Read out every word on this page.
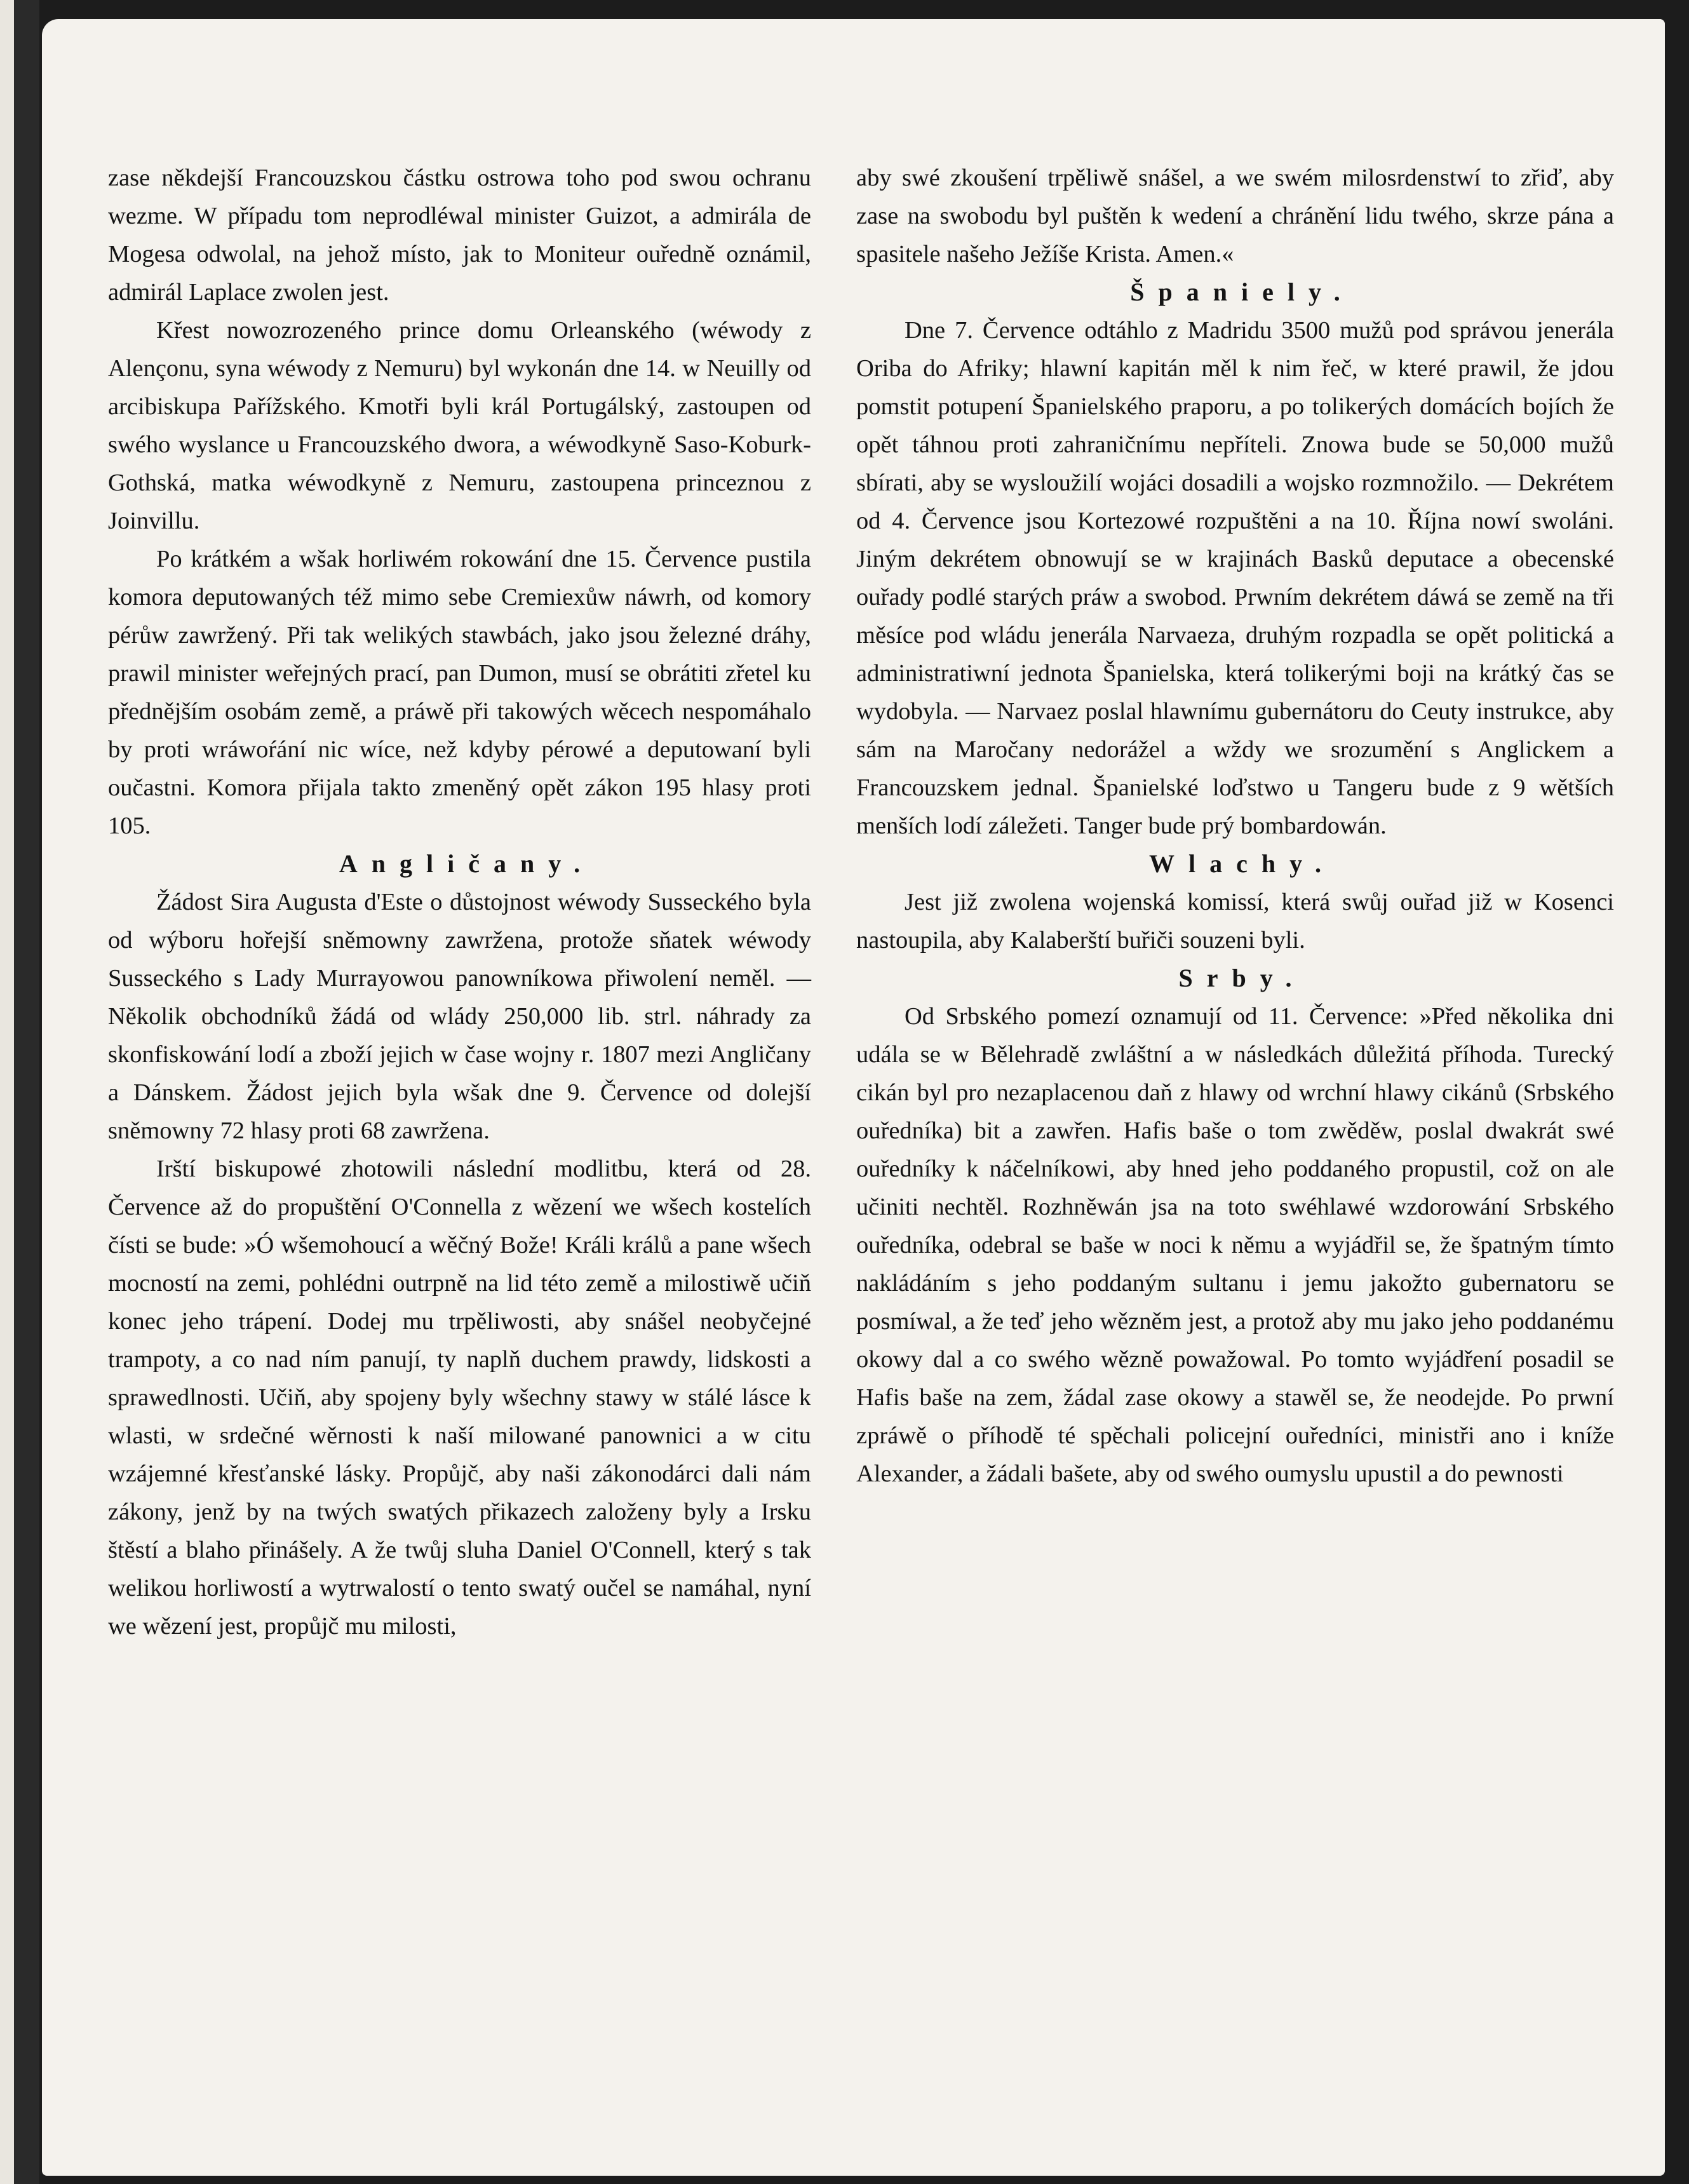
zase někdejší Francouzskou částku ostrowa toho pod swou ochranu wezme. W případu tom neprodléwal minister Guizot, a admirála de Mogesa odwolal, na jehož místo, jak to Moniteur ouředně oznámil, admirál Laplace zwolen jest.

Křest nowozrozeného prince domu Orleanského (wéwody z Alençonu, syna wéwody z Nemuru) byl wykonán dne 14. w Neuilly od arcibiskupa Pařížského. Kmotři byli král Portugálský, zastoupen od swého wyslance u Francouzského dwora, a wéwodkyně Saso-Koburk-Gothská, matka wéwodkyně z Nemuru, zastoupena princeznou z Joinvillu.

Po krátkém a wšak horliwém rokowání dne 15. Července pustila komora deputowaných též mimo sebe Cremiexůw náwrh, od komory pérůw zawržený. Při tak welikých stawbách, jako jsou železné dráhy, prawil minister weřejných prací, pan Dumon, musí se obrátiti zřetel ku přednějším osobám země, a práwě při takowých wěcech nespomáhalo by proti wráwoŕání nic wíce, než kdyby pérowé a deputowaní byli oučastni. Komora přijala takto zmeněný opět zákon 195 hlasy proti 105.

Angličany.

Žádost Sira Augusta d'Este o důstojnost wéwody Susseckého byla od wýboru hořejší sněmowny zawržena, protože sňatek wéwody Susseckého s Lady Murrayowou panowníkowa přiwolení neměl. — Několik obchodníků žádá od wlády 250,000 lib. strl. náhrady za skonfiskowání lodí a zboží jejich w čase wojny r. 1807 mezi Angličany a Dánskem. Žádost jejich byla wšak dne 9. Července od dolejší sněmowny 72 hlasy proti 68 zawržena.

Irští biskupowé zhotowili následní modlitbu, která od 28. Července až do propuštění O'Connella z wězení we wšech kostelích čísti se bude: »Ó wšemohoucí a wěčný Bože! Králi králů a pane wšech mocností na zemi, pohlédni outrpně na lid této země a milostiwě učiň konec jeho trápení. Dodej mu trpěliwosti, aby snášel neobyčejné trampoty, a co nad ním panují, ty naplň duchem prawdy, lidskosti a sprawedlnosti. Učiň, aby spojeny byly wšechny stawy w stálé lásce k wlasti, w srdečné wěrnosti k naší milowané panownici a w citu wzájemné křesťanské lásky. Propůjč, aby naši zákonodárci dali nám zákony, jenž by na twých swatých přikazech založeny byly a Irsku štěstí a blaho přinášely. A že twůj sluha Daniel O'Connell, který s tak welikou horliwostí a wytrwalostí o tento swatý oučel se namáhal, nyní we wězení jest, propůjč mu milosti,

aby swé zkoušení trpěliwě snášel, a we swém milosrdenstwí to zřiď, aby zase na swobodu byl puštěn k wedení a chránění lidu twého, skrze pána a spasitele našeho Ježíše Krista. Amen.«

Španiely.

Dne 7. Července odtáhlo z Madridu 3500 mužů pod správou jenerála Oriba do Afriky; hlawní kapitán měl k nim řeč, w které prawil, že jdou pomstit potupení Španielského praporu, a po tolikerých domácích bojích že opět táhnou proti zahraničnímu nepříteli. Znowa bude se 50,000 mužů sbírati, aby se wysloužilí wojáci dosadili a wojsko rozmnožilo. — Dekrétem od 4. Července jsou Kortezowé rozpuštěni a na 10. Října nowí swoláni. Jiným dekrétem obnowují se w krajinách Basků deputace a obecenské ouřady podlé starých práw a swobod. Prwním dekrétem dáwá se země na tři měsíce pod wládu jenerála Narvaeza, druhým rozpadla se opět politická a administratiwní jednota Španielska, která tolikerými boji na krátký čas se wydobyla. — Narvaez poslal hlawnímu gubernátoru do Ceuty instrukce, aby sám na Maročany nedorážel a wždy we srozumění s Anglickem a Francouzskem jednal. Španielské loďstwo u Tangeru bude z 9 wětších menších lodí záležeti. Tanger bude prý bombardowán.

Wlachy.

Jest již zwolena wojenská komissí, která swůj ouřad již w Kosenci nastoupila, aby Kalaberští buřiči souzeni byli.

Srby.

Od Srbského pomezí oznamují od 11. Července: »Před několika dni udála se w Bělehradě zwláštní a w následkách důležitá příhoda. Turecký cikán byl pro nezaplacenou daň z hlawy od wrchní hlawy cikánů (Srbského ouředníka) bit a zawřen. Hafis baše o tom zwěděw, poslal dwakrát swé ouředníky k náčelníkowi, aby hned jeho poddaného propustil, což on ale učiniti nechtěl. Rozhněwán jsa na toto swéhlawé wzdorowání Srbského ouředníka, odebral se baše w noci k němu a wyjádřil se, že špatným tímto nakládáním s jeho poddaným sultanu i jemu jakožto gubernatoru se posmíwal, a že teď jeho wězněm jest, a protož aby mu jako jeho poddanému okowy dal a co swého wězně powažowal. Po tomto wyjádření posadil se Hafis baše na zem, žádal zase okowy a stawěl se, že neodejde. Po prwní zpráwě o příhodě té spěchali policejní ouředníci, ministři ano i kníže Alexander, a žádali bašete, aby od swého oumyslu upustil a do pewnosti
